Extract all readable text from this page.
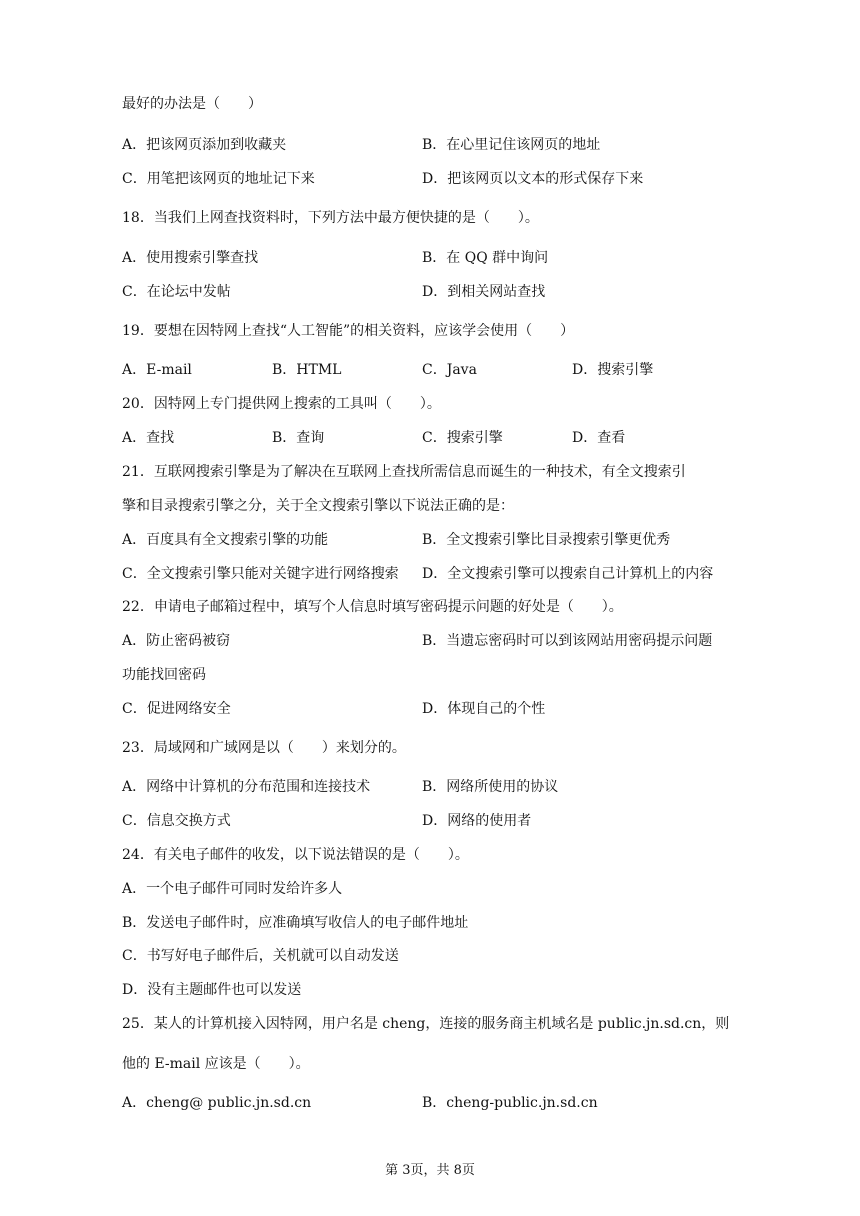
最好的办法是（　　）
A．把该网页添加到收藏夹	B．在心里记住该网页的地址
C．用笔把该网页的地址记下来	D．把该网页以文本的形式保存下来
18．当我们上网查找资料时，下列方法中最方便快捷的是（　　）。
A．使用搜索引擎查找	B．在 QQ 群中询问
C．在论坛中发帖	D．到相关网站查找
19．要想在因特网上查找“人工智能”的相关资料，应该学会使用（　　）
A．E-mail	B．HTML	C．Java	D．搜索引擎
20．因特网上专门提供网上搜索的工具叫（　　）。
A．查找	B．查询	C．搜索引擎	D．查看
21．互联网搜索引擎是为了解决在互联网上查找所需信息而诞生的一种技术，有全文搜索引
擎和目录搜索引擎之分，关于全文搜索引擎以下说法正确的是：
A．百度具有全文搜索引擎的功能	B．全文搜索引擎比目录搜索引擎更优秀
C．全文搜索引擎只能对关键字进行网络搜索 D．全文搜索引擎可以搜索自己计算机上的内容
22．申请电子邮箱过程中，填写个人信息时填写密码提示问题的好处是（　　）。
A．防止密码被窃	B．当遗忘密码时可以到该网站用密码提示问题
功能找回密码
C．促进网络安全	D．体现自己的个性
23．局域网和广域网是以（　　）来划分的。
A．网络中计算机的分布范围和连接技术	B．网络所使用的协议
C．信息交换方式	D．网络的使用者
24．有关电子邮件的收发，以下说法错误的是（　　）。
A．一个电子邮件可同时发给许多人
B．发送电子邮件时，应准确填写收信人的电子邮件地址
C．书写好电子邮件后，关机就可以自动发送
D．没有主题邮件也可以发送
25．某人的计算机接入因特网，用户名是 cheng，连接的服务商主机域名是 public.jn.sd.cn，则
他的 E-mail 应该是（　　）。
A．cheng@ public.jn.sd.cn	B．cheng-public.jn.sd.cn
第 3页，共 8页
